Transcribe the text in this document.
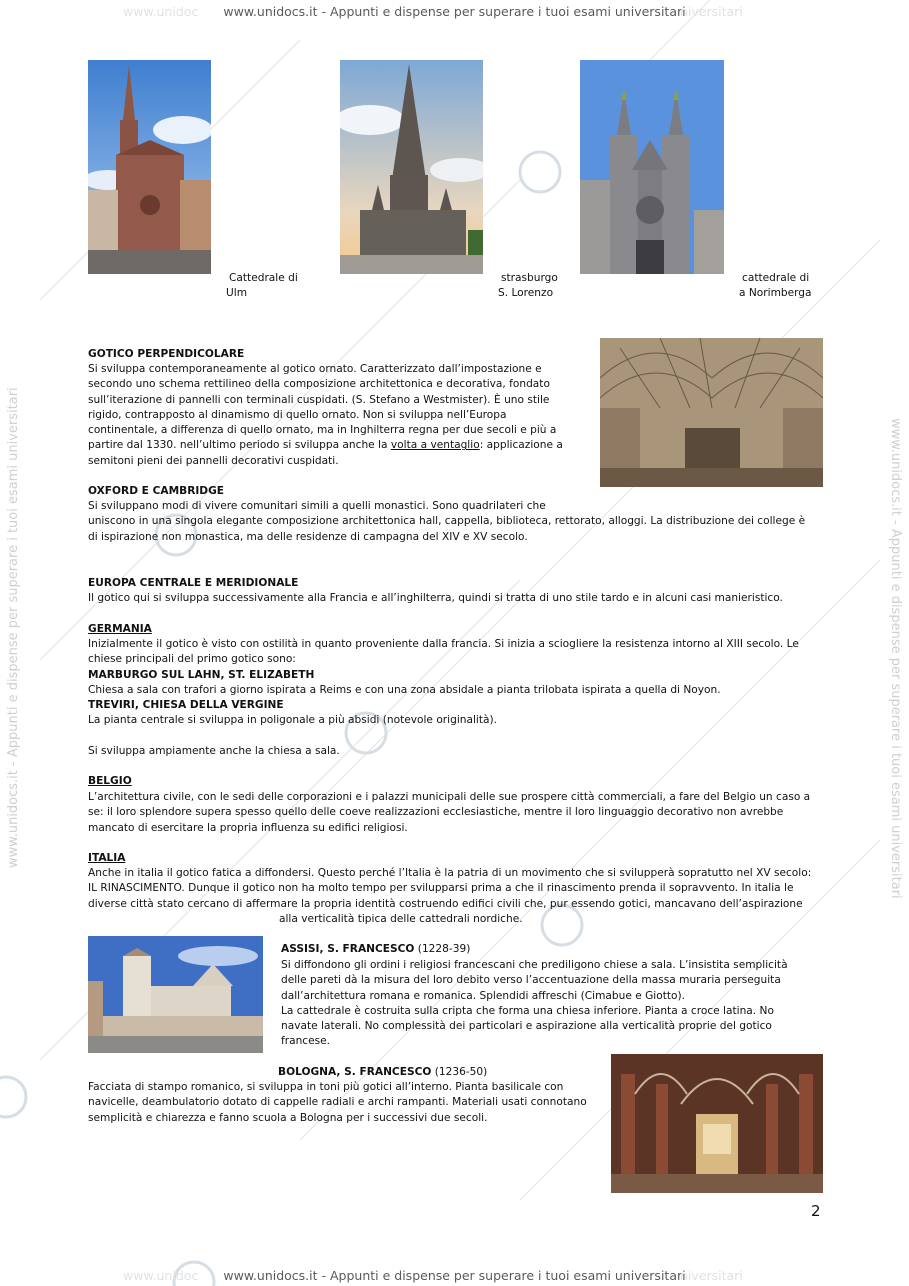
www.unidoc www.unidocs.it - Appunti e dispense per superare i tuoi esami universitari
niversitari
www.unidocs.it - Appunti e dispense per superare i tuoi esami universitari	www.unidocs.it - Appunti e dispense per superare i tuoi esami universitari
Cattedrale di
Ulm
strasburgo
S. Lorenzo
cattedrale di
a Norimberga
GOTICO PERPENDICOLARE

Si sviluppa contemporaneamente al gotico ornato. Caratterizzato dall’impostazione e

secondo uno schema rettilineo della composizione architettonica e decorativa, fondato

sull’iterazione di pannelli con terminali cuspidati. (S. Stefano a Westmister). È uno stile

rigido, contrapposto al dinamismo di quello ornato. Non si sviluppa nell’Europa

continentale, a differenza di quello ornato, ma in Inghilterra regna per due secoli e più a

partire dal 1330. nell’ultimo periodo si sviluppa anche la volta a ventaglio: applicazione a

semitoni pieni dei pannelli decorativi cuspidati.

OXFORD E CAMBRIDGE

Si sviluppano modi di vivere comunitari simili a quelli monastici. Sono quadrilateri che

uniscono in una singola elegante composizione architettonica hall, cappella, biblioteca, rettorato, alloggi. La distribuzione dei college è

di ispirazione non monastica, ma delle residenze di campagna del XIV e XV secolo.

EUROPA CENTRALE E MERIDIONALE
Il gotico qui si sviluppa successivamente alla Francia e all’inghilterra, quindi si tratta di uno stile tardo e in alcuni casi manieristico.
GERMANIA

Inizialmente il gotico è visto con ostilità in quanto proveniente dalla francia. Si inizia a sciogliere la resistenza intorno al XIII secolo. Le

chiese principali del primo gotico sono:

MARBURGO SUL LAHN, ST. ELIZABETH
Chiesa a sala con trafori a giorno ispirata a Reims e con una zona absidale a pianta trilobata ispirata a quella di Noyon.
TREVIRI, CHIESA DELLA VERGINE
La pianta centrale si sviluppa in poligonale a più absidi (notevole originalità).
Si sviluppa ampiamente anche la chiesa a sala.
BELGIO

L’architettura civile, con le sedi delle corporazioni e i palazzi municipali delle sue prospere città commerciali, a fare del Belgio un caso a

se: il loro splendore supera spesso quello delle coeve realizzazioni ecclesiastiche, mentre il loro linguaggio decorativo non avrebbe

mancato di esercitare la propria influenza su edifici religiosi.

ITALIA

Anche in italia il gotico fatica a diffondersi. Questo perché l’Italia è la patria di un movimento che si svilupperà sopratutto nel XV secolo:

IL RINASCIMENTO. Dunque il gotico non ha molto tempo per svilupparsi prima a che il rinascimento prenda il sopravvento. In italia le

diverse città stato cercano di affermare la propria identità costruendo edifici civili che, pur essendo gotici, mancavano dell’aspirazione

alla verticalità tipica delle cattedrali nordiche.
ASSISI, S. FRANCESCO (1228-39)

Si diffondono gli ordini i religiosi francescani che prediligono chiese a sala. L’insistita semplicità

delle pareti dà la misura del loro debito verso l’accentuazione della massa muraria perseguita

dall’architettura romana e romanica. Splendidi affreschi (Cimabue e Giotto).

La cattedrale è costruita sulla cripta che forma una chiesa inferiore. Pianta a croce latina. No

navate laterali. No complessità dei particolari e aspirazione alla verticalità proprie del gotico

francese.

BOLOGNA, S. FRANCESCO (1236-50)

Facciata di stampo romanico, si sviluppa in toni più gotici all’interno. Pianta basilicale con

navicelle, deambulatorio dotato di cappelle radiali e archi rampanti. Materiali usati connotano

semplicità e chiarezza e fanno scuola a Bologna per i successivi due secoli.

2
www.unidoc www.unidocs.it - Appunti e dispense per superare i tuoi esami universitari
niversitari
